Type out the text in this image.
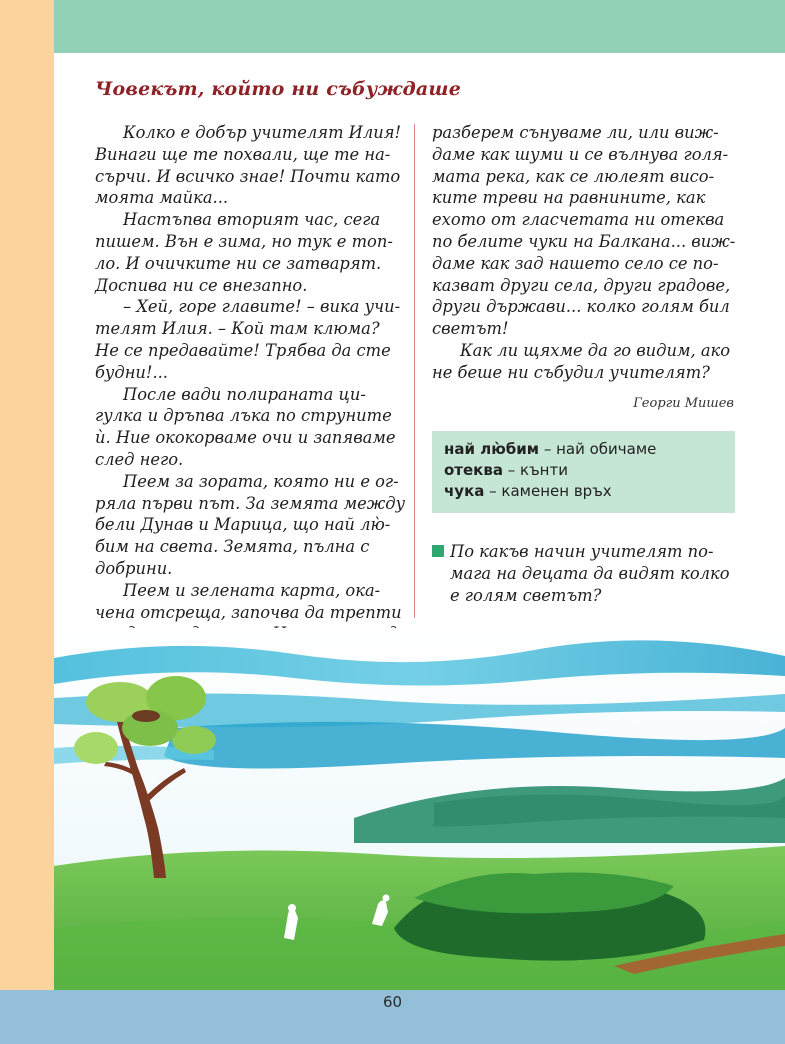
Човекът, който ни събуждаше
Колко е добър учителят Илия!
Винаги ще те похвали, ще те на-
сърчи. И всичко знае! Почти като
моята майка...
Настъпва вторият час, сега
пишем. Вън е зима, но тук е топ-
ло. И очичките ни се затварят.
Доспива ни се внезапно.
– Хей, горе главите! – вика учи-
телят Илия. – Кой там клюма?
Не се предавайте! Трябва да сте
будни!...
После вади полираната ци-
гулка и дръпва лъка по струните
ѝ. Ние ококорваме очи и запяваме
след него.
Пеем за зората, която ни е ог-
ряла първи път. За земята между
бели Дунав и Марица, що най лю̀-
бим на света. Земята, пълна с
добрини.
Пеем и зелената карта, ока-
чена отсреща, започва да трепти
разберем сънуваме ли, или виж-
даме как шуми и се вълнува голя-
мата река, как се люлеят висо-
ките треви на равнините, как
ехото от гласчетата ни отеква
по белите чуки на Балкана... виж-
даме как зад нашето село се по-
казват други села, други градове,
други държави... колко голям бил
светът!
Как ли щяхме да го видим, ако
не беше ни събудил учителят?
Георги Мишев
най лю̀бим – най обичаме
отеква – кънти
чука – каменен връх
По какъв начин учителят по-
мага на децата да видят колко
е голям светът?
60
